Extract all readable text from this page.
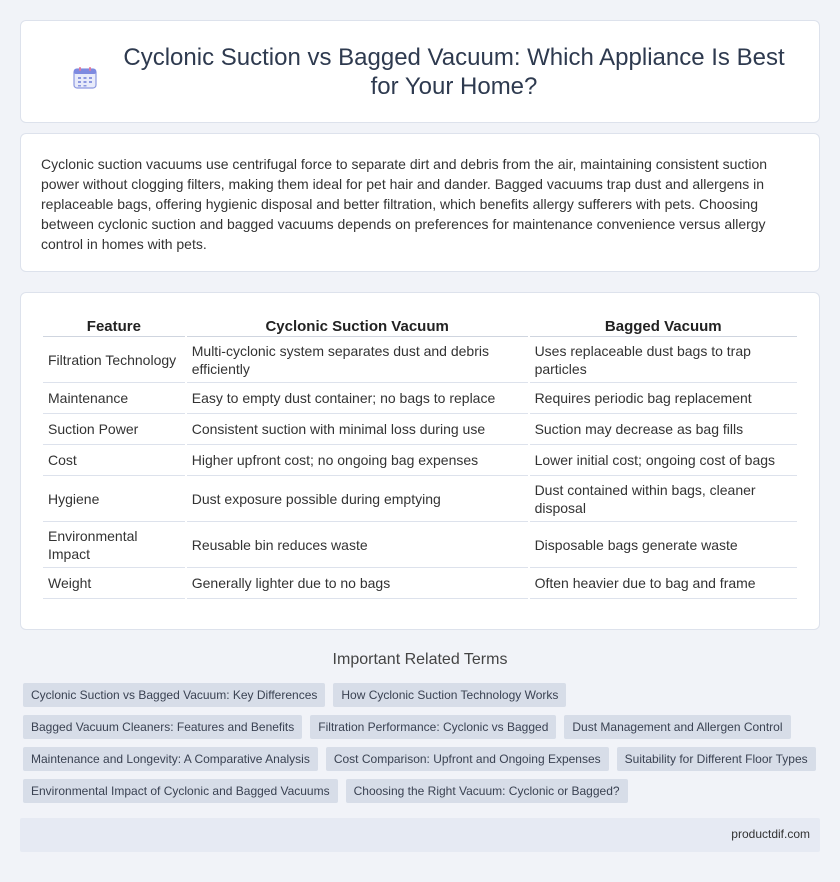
Cyclonic Suction vs Bagged Vacuum: Which Appliance Is Best for Your Home?

Cyclonic suction vacuums use centrifugal force to separate dirt and debris from the air, maintaining consistent suction power without clogging filters, making them ideal for pet hair and dander. Bagged vacuums trap dust and allergens in replaceable bags, offering hygienic disposal and better filtration, which benefits allergy sufferers with pets. Choosing between cyclonic suction and bagged vacuums depends on preferences for maintenance convenience versus allergy control in homes with pets.

Feature	Cyclonic Suction Vacuum	Bagged Vacuum
Filtration Technology	Multi-cyclonic system separates dust and debris efficiently	Uses replaceable dust bags to trap particles
Maintenance	Easy to empty dust container; no bags to replace	Requires periodic bag replacement
Suction Power	Consistent suction with minimal loss during use	Suction may decrease as bag fills
Cost	Higher upfront cost; no ongoing bag expenses	Lower initial cost; ongoing cost of bags
Hygiene	Dust exposure possible during emptying	Dust contained within bags, cleaner disposal
Environmental Impact	Reusable bin reduces waste	Disposable bags generate waste
Weight	Generally lighter due to no bags	Often heavier due to bag and frame
Important Related Terms
Cyclonic Suction vs Bagged Vacuum: Key Differences	How Cyclonic Suction Technology Works
Bagged Vacuum Cleaners: Features and Benefits	Filtration Performance: Cyclonic vs Bagged	Dust Management and Allergen Control
Maintenance and Longevity: A Comparative Analysis	Cost Comparison: Upfront and Ongoing Expenses	Suitability for Different Floor Types
Environmental Impact of Cyclonic and Bagged Vacuums	Choosing the Right Vacuum: Cyclonic or Bagged?
productdif.com
